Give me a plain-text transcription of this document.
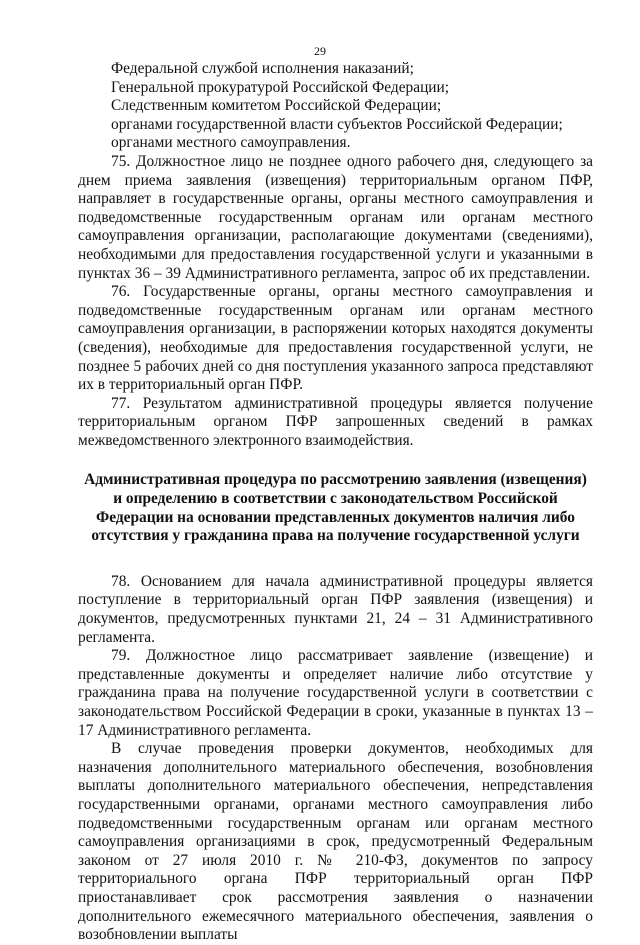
29

Федеральной службой исполнения наказаний;

Генеральной прокуратурой Российской Федерации;

Следственным комитетом Российской Федерации;

органами государственной власти субъектов Российской Федерации;

органами местного самоуправления.

75. Должностное лицо не позднее одного рабочего дня, следующего за днем приема заявления (извещения) территориальным органом ПФР, направляет в государственные органы, органы местного самоуправления и подведомственные государственным органам или органам местного самоуправления организации, располагающие документами (сведениями), необходимыми для предоставления государственной услуги и указанными в пунктах 36 – 39 Административного регламента, запрос об их представлении.

76. Государственные органы, органы местного самоуправления и подведомственные государственным органам или органам местного самоуправления организации, в распоряжении которых находятся документы (сведения), необходимые для предоставления государственной услуги, не позднее 5 рабочих дней со дня поступления указанного запроса представляют их в территориальный орган ПФР.

77. Результатом административной процедуры является получение территориальным органом ПФР запрошенных сведений в рамках межведомственного электронного взаимодействия.

Административная процедура по рассмотрению заявления (извещения) и определению в соответствии с законодательством Российской Федерации на основании представленных документов наличия либо отсутствия у гражданина права на получение государственной услуги

78. Основанием для начала административной процедуры является поступление в территориальный орган ПФР заявления (извещения) и документов, предусмотренных пунктами 21, 24 – 31 Административного регламента.

79. Должностное лицо рассматривает заявление (извещение) и представленные документы и определяет наличие либо отсутствие у гражданина права на получение государственной услуги в соответствии с законодательством Российской Федерации в сроки, указанные в пунктах 13 – 17 Административного регламента.

В случае проведения проверки документов, необходимых для назначения дополнительного материального обеспечения, возобновления выплаты дополнительного материального обеспечения, непредставления государственными органами, органами местного самоуправления либо подведомственными государственным органам или органам местного самоуправления организациями в срок, предусмотренный Федеральным законом от 27 июля 2010 г. № 210-ФЗ, документов по запросу территориального органа ПФР территориальный орган ПФР приостанавливает срок рассмотрения заявления о назначении дополнительного ежемесячного материального обеспечения, заявления о возобновлении выплаты
